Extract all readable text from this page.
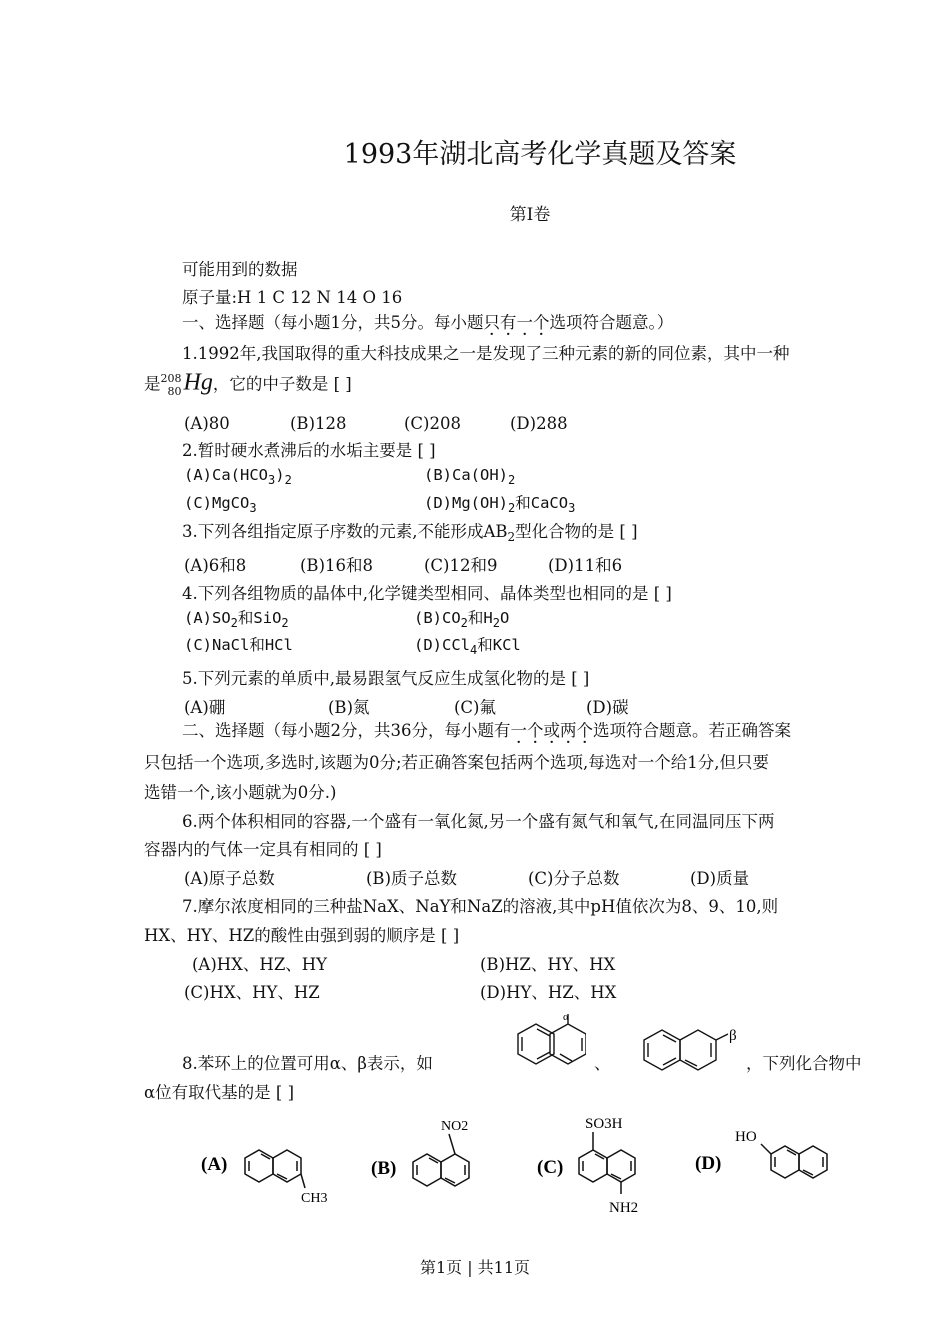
1993年湖北高考化学真题及答案
第Ⅰ卷
可能用到的数据
原子量:H 1 C 12 N 14 O 16
一、选择题（每小题1分，共5分。每小题只有一个选项符合题意。）
1.1992年,我国取得的重大科技成果之一是发现了三种元素的新的同位素，其中一种
是208
80Hg，它的中子数是 [ ]
(A)80	(B)128	(C)208	(D)288
2.暂时硬水煮沸后的水垢主要是 [ ]
$(A)Ca(HCO_3)_2$	$(B)Ca(OH)_2$
(C)MgCO$_3$	$(D)Mg(OH)_2$和CaCO$_3$
3.下列各组指定原子序数的元素,不能形成$AB_2$型化合物的是 [ ]
(A)6和8	(B)16和8	(C)12和9	(D)11和6
4.下列各组物质的晶体中,化学键类型相同、晶体类型也相同的是 [ ]
$(A)SO_2$和SiO$_2$	$(B)CO_2$和$H_2O$
(C)NaCl和HCl	(D)CCl$_4$和KCl
5.下列元素的单质中,最易跟氢气反应生成氢化物的是 [ ]
(A)硼	(B)氮	(C)氟	(D)碳
二、选择题（每小题2分，共36分，每小题有一个或两个选项符合题意。若正确答案
只包括一个选项,多选时,该题为0分;若正确答案包括两个选项,每选对一个给1分,但只要
选错一个,该小题就为0分.)
6.两个体积相同的容器,一个盛有一氧化氮,另一个盛有氮气和氧气,在同温同压下两
容器内的气体一定具有相同的 [ ]
(A)原子总数	(B)质子总数	(C)分子总数	(D)质量
7.摩尔浓度相同的三种盐NaX、NaY和NaZ的溶液,其中pH值依次为8、9、10,则
HX、HY、HZ的酸性由强到弱的顺序是 [ ]
(A)HX、HZ、HY	(B)HZ、HY、HX
(C)HX、HY、HZ	(D)HY、HZ、HX
8.苯环上的位置可用α、β表示，如	、	，下列化合物中
α位有取代基的是 [ ]
α
β
(A)	(B)	(C)	(D)
CH3
NO2	SO3H
NH2
HO
第1页 | 共11页
